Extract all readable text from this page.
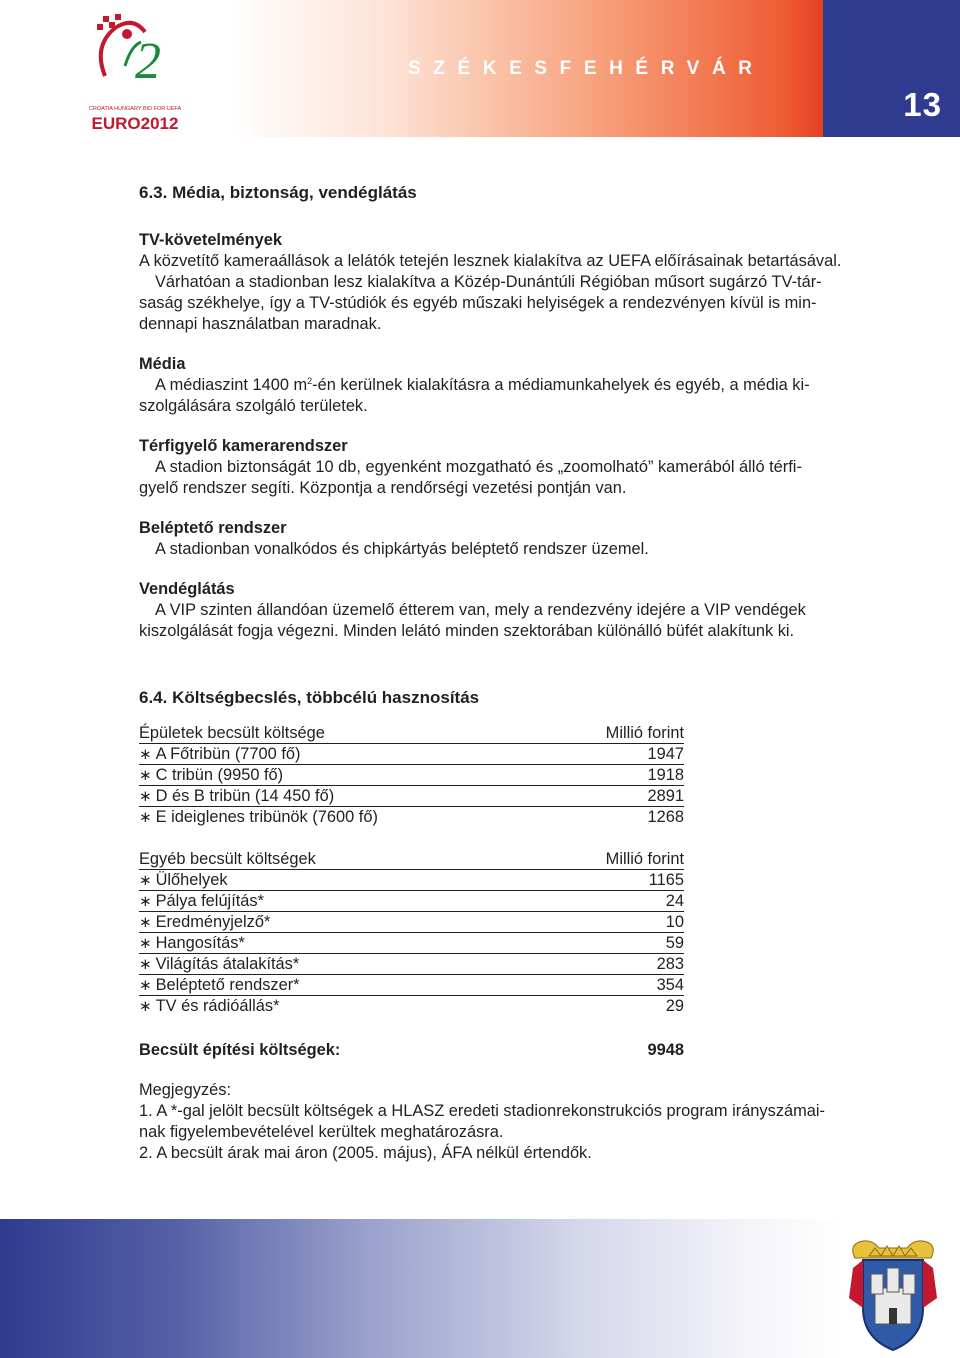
SZÉKESFEHÉRVÁR
13
2
CROATIA HUNGARY BID FOR UEFA
EURO2012
6.3. Média, biztonság, vendéglátás
TV-követelmények

A közvetítő kameraállások a lelátók tetején lesznek kialakítva az UEFA előírásainak betartásával.

Várhatóan a stadionban lesz kialakítva a Közép-Dunántúli Régióban műsort sugárzó TV-tár-

saság székhelye, így a TV-stúdiók és egyéb műszaki helyiségek a rendezvényen kívül is min-

dennapi használatban maradnak.

Média

A médiaszint 1400 $m^2-én$ kerülnek kialakításra a médiamunkahelyek és egyéb, a média ki-

szolgálására szolgáló területek.

Térfigyelő kamerarendszer

A stadion biztonságát 10 db, egyenként mozgatható és „zoomolható” kamerából álló térfi-

gyelő rendszer segíti. Központja a rendőrségi vezetési pontján van.

Beléptető rendszer

A stadionban vonalkódos és chipkártyás beléptető rendszer üzemel.

Vendéglátás

A VIP szinten állandóan üzemelő étterem van, mely a rendezvény idejére a VIP vendégek

kiszolgálását fogja végezni. Minden lelátó minden szektorában különálló büfét alakítunk ki.

6.4. Költségbecslés, többcélú hasznosítás
Épületek becsült költsége	Millió forint
∗ A Főtribün (7700 fő)	1947
∗ C tribün (9950 fő)	1918
∗ D és B tribün (14 450 fő)	2891
∗ E ideiglenes tribünök (7600 fő)	1268
Egyéb becsült költségek	Millió forint
∗ Ülőhelyek	1165
∗ Pálya felújítás*	24
∗ Eredményjelző*	10
∗ Hangosítás*	59
∗ Világítás átalakítás*	283
∗ Beléptető rendszer*	354
∗ TV és rádióállás*	29
Becsült építési költségek:	9948

Megjegyzés:

1. A *-gal jelölt becsült költségek a HLASZ eredeti stadionrekonstrukciós program irányszámai-

nak figyelembevételével kerültek meghatározásra.

2. A becsült árak mai áron (2005. május), ÁFA nélkül értendők.
